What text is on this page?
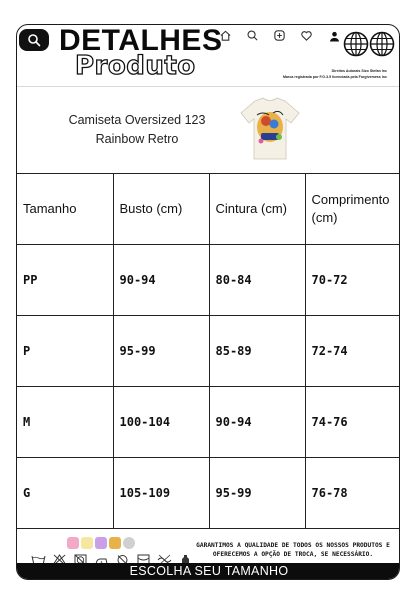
DETALHES
Produto	Direitos Autorais Sizo Stefan Inc
Marca registrada por F.G.3.5 licenciada pela Forgivemess Inc
Camiseta Oversized 123 Rainbow Retro
Tamanho	Busto (cm)	Cintura (cm)	Comprimento (cm)
PP	90-94	80-84	70-72
P	95-99	85-89	72-74
M	100-104	90-94	74-76
G	105-109	95-99	76-78
GARANTIMOS A QUALIDADE DE TODOS OS NOSSOS PRODUTOS E OFERECEMOS A OPÇÃO DE TROCA, SE NECESSÁRIO.
ESCOLHA SEU TAMANHO
